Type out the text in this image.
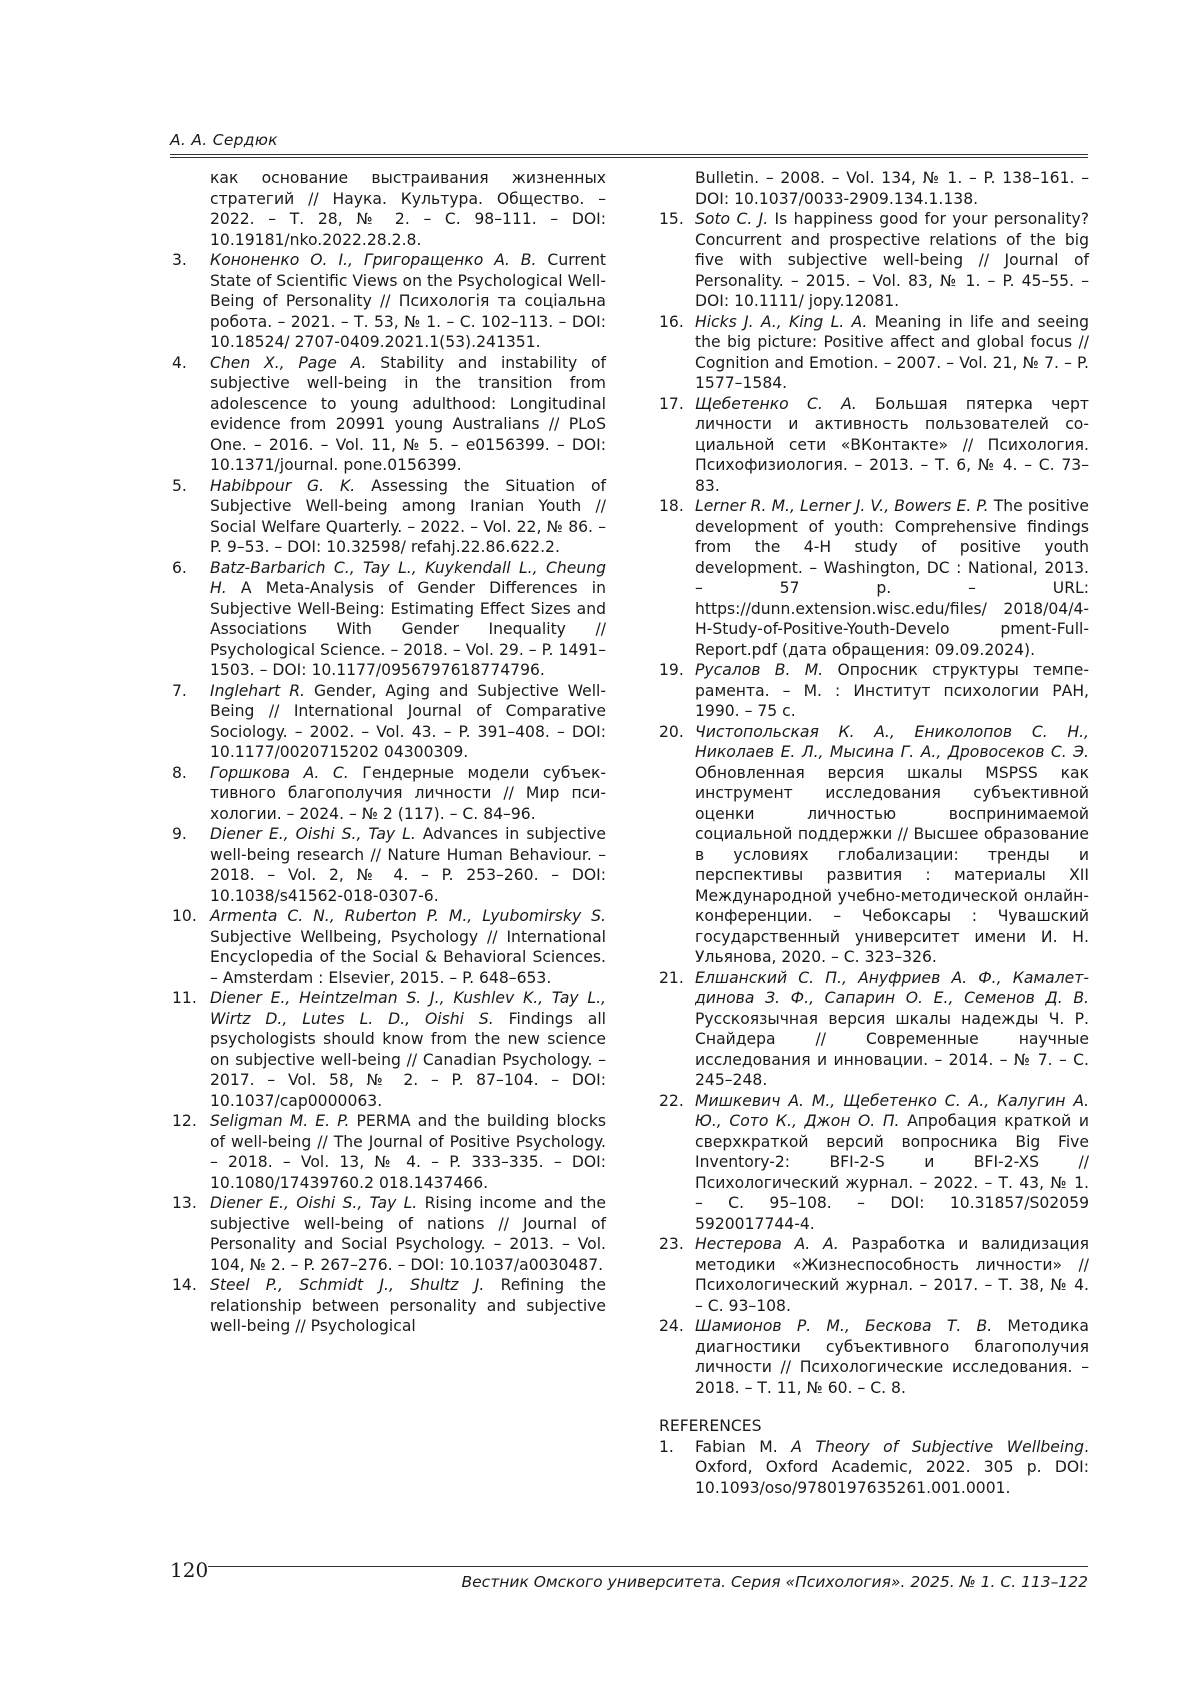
А. А. Сердюк
как основание выстраивания жизненных стратегий // Наука. Культура. Общество. – 2022. – Т. 28, № 2. – С. 98–111. – DOI: 10.19181/nko.2022.28.2.8.
3.	Кононенко О. І., Григоращенко А. В. Current State of Scientific Views on the Psychological Well-Being of Personality // Психологія та соціальна робота. – 2021. – Т. 53, № 1. – С. 102–113. – DOI: 10.18524/ 2707-0409.2021.1(53).241351.
4.	Chen X., Page A. Stability and instability of subjective well-being in the transition from adolescence to young adulthood: Longitudinal evidence from 20991 young Australians // PLoS One. – 2016. – Vol. 11, № 5. – e0156399. – DOI: 10.1371/journal. pone.0156399.
5.	Habibpour G. K. Assessing the Situation of Subjective Well-being among Iranian Youth // Social Welfare Quarterly. – 2022. – Vol. 22, № 86. – P. 9–53. – DOI: 10.32598/ refahj.22.86.622.2.
6.	Batz-Barbarich C., Tay L., Kuykendall L., Cheung H. A Meta-Analysis of Gender Differences in Subjective Well-Being: Estimating Effect Sizes and Associations With Gender Inequality // Psychological Science. – 2018. – Vol. 29. – P. 1491–1503. – DOI: 10.1177/0956797618774796.
7.	Inglehart R. Gender, Aging and Subjective Well-Being // International Journal of Comparative Sociology. – 2002. – Vol. 43. – P. 391–408. – DOI: 10.1177/0020715202 04300309.
8.	Горшкова А. С. Гендерные модели субъективного благополучия личности // Мир психологии. – 2024. – № 2 (117). – С. 84–96.
9.	Diener E., Oishi S., Tay L. Advances in subjective well-being research // Nature Human Behaviour. – 2018. – Vol. 2, № 4. – P. 253–260. – DOI: 10.1038/s41562-018-0307-6.
10. Armenta C. N., Ruberton P. M., Lyubomirsky S. Subjective Wellbeing, Psychology // International Encyclopedia of the Social & Behavioral Sciences. – Amsterdam : Elsevier, 2015. – P. 648–653.
11. Diener E., Heintzelman S. J., Kushlev K., Tay L., Wirtz D., Lutes L. D., Oishi S. Findings all psychologists should know from the new science on subjective well-being // Canadian Psychology. – 2017. – Vol. 58, № 2. – P. 87–104. – DOI: 10.1037/cap0000063.
12. Seligman M. E. P. PERMA and the building blocks of well-being // The Journal of Positive Psychology. – 2018. – Vol. 13, № 4. – P. 333–335. – DOI: 10.1080/17439760.2 018.1437466.
13. Diener E., Oishi S., Tay L. Rising income and the subjective well-being of nations // Journal of Personality and Social Psychology. – 2013. – Vol. 104, № 2. – P. 267–276. – DOI: 10.1037/a0030487.
14. Steel P., Schmidt J., Shultz J. Refining the relationship between personality and subjective well-being // Psychological
Bulletin. – 2008. – Vol. 134, № 1. – P. 138–161. – DOI: 10.1037/0033-2909.134.1.138.
15. Soto C. J. Is happiness good for your personality? Concurrent and prospective relations of the big five with subjective well-being // Journal of Personality. – 2015. – Vol. 83, № 1. – P. 45–55. – DOI: 10.1111/ jopy.12081.
16. Hicks J. A., King L. A. Meaning in life and seeing the big picture: Positive affect and global focus // Cognition and Emotion. – 2007. – Vol. 21, № 7. – P. 1577–1584.
17. Щебетенко С. А. Большая пятерка черт личности и активность пользователей социальной сети «ВКонтакте» // Психология. Психофизиология. – 2013. – Т. 6, № 4. – С. 73–83.
18. Lerner R. M., Lerner J. V., Bowers E. P. The positive development of youth: Comprehensive findings from the 4-H study of positive youth development. – Washington, DC : National, 2013. – 57 p. – URL: https://dunn.extension.wisc.edu/files/ 2018/04/4-H-Study-of-Positive-Youth-Develo pment-Full-Report.pdf (дата обращения: 09.09.2024).
19. Русалов В. М. Опросник структуры темперамента. – М. : Институт психологии РАН, 1990. – 75 с.
20. Чистопольская К. А., Ениколопов С. Н., Николаев Е. Л., Мысина Г. А., Дровосеков С. Э. Обновленная версия шкалы MSPSS как инструмент исследования субъективной оценки личностью воспринимаемой социальной поддержки // Высшее образование в условиях глобализации: тренды и перспективы развития : материалы XII Международной учебно-методической онлайн-конференции. – Чебоксары : Чувашский государственный университет имени И. Н. Ульянова, 2020. – С. 323–326.
21. Елшанский С. П., Ануфриев А. Ф., Камалетдинова З. Ф., Сапарин О. Е., Семенов Д. В. Русскоязычная версия шкалы надежды Ч. Р. Снайдера // Современные научные исследования и инновации. – 2014. – № 7. – С. 245–248.
22. Мишкевич А. М., Щебетенко С. А., Калугин А. Ю., Сото К., Джон О. П. Апробация краткой и сверхкраткой версий вопросника Big Five Inventory-2: BFI-2-S и BFI-2-XS // Психологический журнал. – 2022. – Т. 43, № 1. – С. 95–108. – DOI: 10.31857/S02059 5920017744-4.
23. Нестерова А. А. Разработка и валидизация методики «Жизнеспособность личности» // Психологический журнал. – 2017. – Т. 38, № 4. – С. 93–108.
24. Шамионов Р. М., Бескова Т. В. Методика диагностики субъективного благополучия личности // Психологические исследования. – 2018. – Т. 11, № 60. – С. 8.
REFERENCES
1.	Fabian M. A Theory of Subjective Wellbeing. Oxford, Oxford Academic, 2022. 305 p. DOI: 10.1093/oso/9780197635261.001.0001.
120	Вестник Омского университета. Серия «Психология». 2025. № 1. С. 113–122
